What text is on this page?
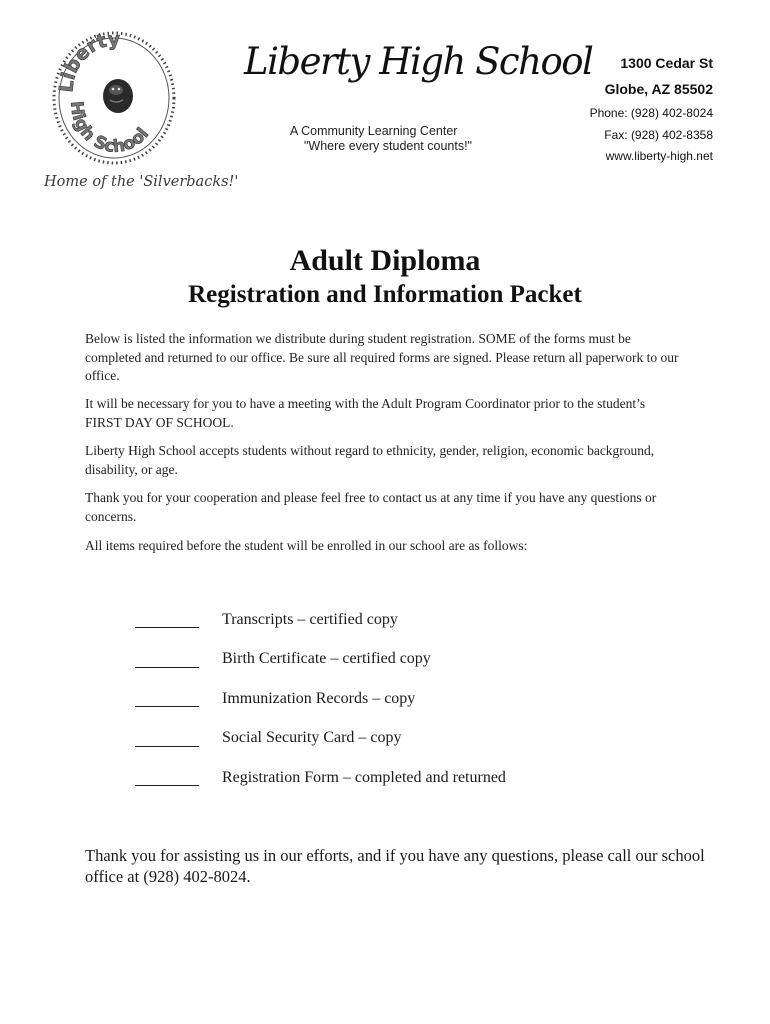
Liberty
High School
Home of the 'Silverbacks!'
Liberty High School
A Community Learning Center
"Where every student counts!"
1300 Cedar St
Globe, AZ 85502
Phone: (928) 402-8024
Fax: (928) 402-8358
www.liberty-high.net
Adult Diploma
Registration and Information Packet
Below is listed the information we distribute during student registration. SOME of the forms must be completed and returned to our office. Be sure all required forms are signed. Please return all paperwork to our office.
It will be necessary for you to have a meeting with the Adult Program Coordinator prior to the student’s FIRST DAY OF SCHOOL.
Liberty High School accepts students without regard to ethnicity, gender, religion, economic background, disability, or age.
Thank you for your cooperation and please feel free to contact us at any time if you have any questions or concerns.
All items required before the student will be enrolled in our school are as follows:
Transcripts – certified copy
Birth Certificate – certified copy
Immunization Records – copy
Social Security Card – copy
Registration Form – completed and returned
Thank you for assisting us in our efforts, and if you have any questions, please call our school office at (928) 402-8024.
